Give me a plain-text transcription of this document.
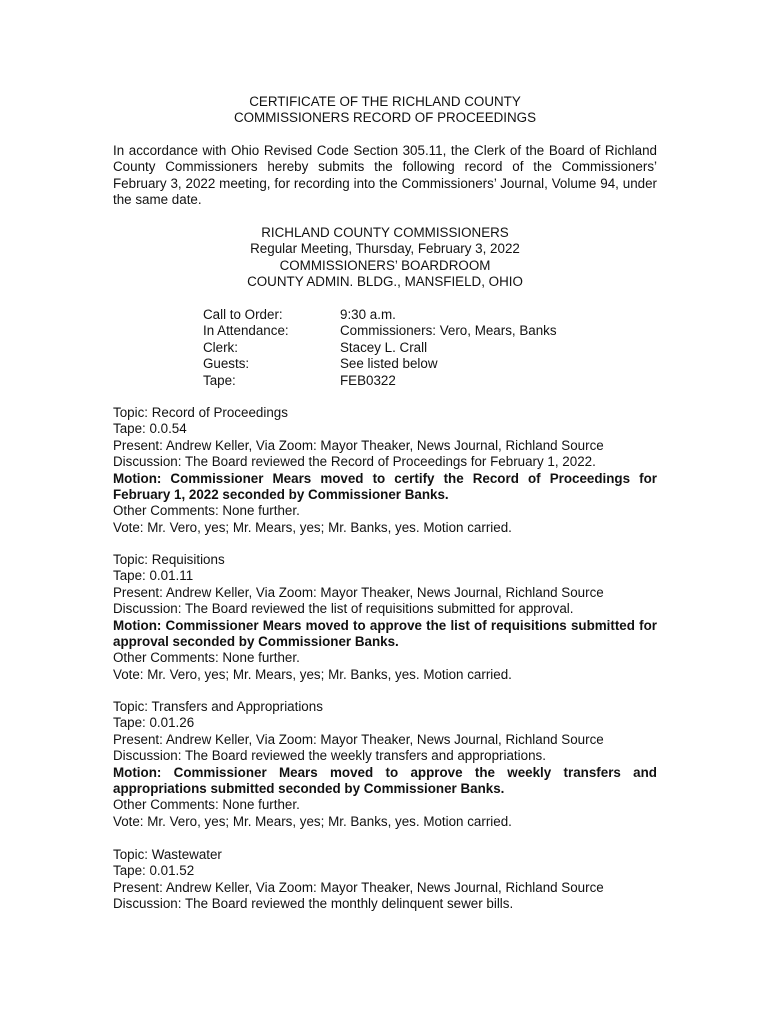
CERTIFICATE OF THE RICHLAND COUNTY
COMMISSIONERS RECORD OF PROCEEDINGS
In accordance with Ohio Revised Code Section 305.11, the Clerk of the Board of Richland County Commissioners hereby submits the following record of the Commissioners’ February 3, 2022 meeting, for recording into the Commissioners’ Journal, Volume 94, under the same date.
RICHLAND COUNTY COMMISSIONERS
Regular Meeting, Thursday, February 3, 2022
COMMISSIONERS’ BOARDROOM
COUNTY ADMIN. BLDG., MANSFIELD, OHIO
Call to Order:	9:30 a.m.
In Attendance:	Commissioners: Vero, Mears, Banks
Clerk:	Stacey L. Crall
Guests:	See listed below
Tape:	FEB0322
Topic: Record of Proceedings
Tape: 0.0.54
Present: Andrew Keller, Via Zoom: Mayor Theaker, News Journal, Richland Source
Discussion: The Board reviewed the Record of Proceedings for February 1, 2022.
Motion: Commissioner Mears moved to certify the Record of Proceedings for February 1, 2022 seconded by Commissioner Banks.
Other Comments: None further.
Vote: Mr. Vero, yes; Mr. Mears, yes; Mr. Banks, yes. Motion carried.
Topic: Requisitions
Tape: 0.01.11
Present: Andrew Keller, Via Zoom: Mayor Theaker, News Journal, Richland Source
Discussion: The Board reviewed the list of requisitions submitted for approval.
Motion: Commissioner Mears moved to approve the list of requisitions submitted for approval seconded by Commissioner Banks.
Other Comments: None further.
Vote: Mr. Vero, yes; Mr. Mears, yes; Mr. Banks, yes. Motion carried.
Topic: Transfers and Appropriations
Tape: 0.01.26
Present: Andrew Keller, Via Zoom: Mayor Theaker, News Journal, Richland Source
Discussion: The Board reviewed the weekly transfers and appropriations.
Motion: Commissioner Mears moved to approve the weekly transfers and appropriations submitted seconded by Commissioner Banks.
Other Comments: None further.
Vote: Mr. Vero, yes; Mr. Mears, yes; Mr. Banks, yes. Motion carried.
Topic: Wastewater
Tape: 0.01.52
Present: Andrew Keller, Via Zoom: Mayor Theaker, News Journal, Richland Source
Discussion: The Board reviewed the monthly delinquent sewer bills.
